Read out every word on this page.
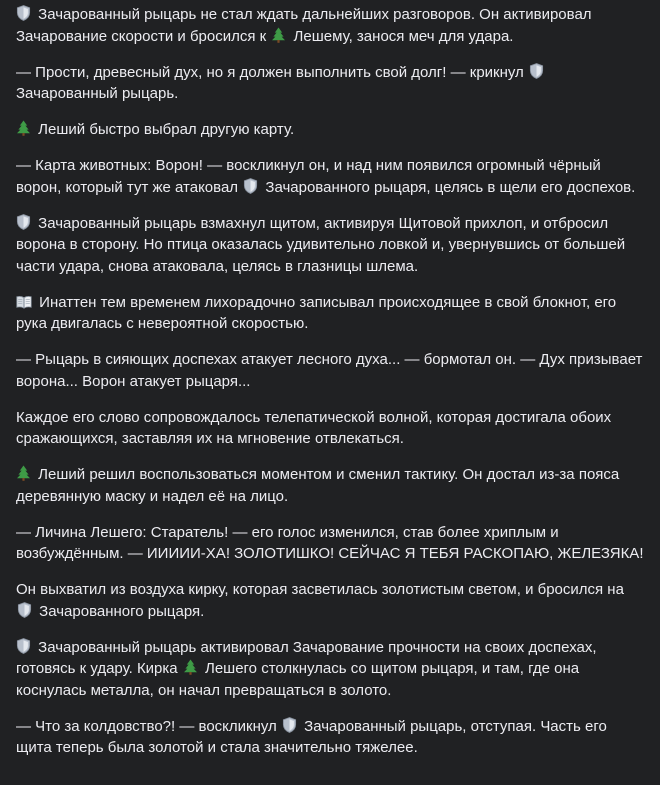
Зачарованный рыцарь не стал ждать дальнейших разговоров. Он активировал Зачарование скорости и бросился к
Лешему, занося меч для удара.

— Прости, древесный дух, но я должен выполнить свой долг! — крикнул
Зачарованный рыцарь.

Леший быстро выбрал другую карту.

— Карта животных: Ворон! — воскликнул он, и над ним появился огромный чёрный ворон, который тут же атаковал
Зачарованного рыцаря, целясь в щели его доспехов.

Зачарованный рыцарь взмахнул щитом, активируя Щитовой прихлоп, и отбросил ворона в сторону. Но птица оказалась удивительно ловкой и, увернувшись от большей части удара, снова атаковала, целясь в глазницы шлема.

Инаттен тем временем лихорадочно записывал происходящее в свой блокнот, его рука двигалась с невероятной скоростью.

— Рыцарь в сияющих доспехах атакует лесного духа... — бормотал он. — Дух призывает ворона... Ворон атакует рыцаря...

Каждое его слово сопровождалось телепатической волной, которая достигала обоих сражающихся, заставляя их на мгновение отвлекаться.

Леший решил воспользоваться моментом и сменил тактику. Он достал из-за пояса деревянную маску и надел её на лицо.

— Личина Лешего: Старатель! — его голос изменился, став более хриплым и возбуждённым. — ИИИИИ-ХА! ЗОЛОТИШКО! СЕЙЧАС Я ТЕБЯ РАСКОПАЮ, ЖЕЛЕЗЯКА!

Он выхватил из воздуха кирку, которая засветилась золотистым светом, и бросился на
Зачарованного рыцаря.

Зачарованный рыцарь активировал Зачарование прочности на своих доспехах, готовясь к удару. Кирка
Лешего столкнулась со щитом рыцаря, и там, где она коснулась металла, он начал превращаться в золото.

— Что за колдовство?! — воскликнул
Зачарованный рыцарь, отступая. Часть его щита теперь была золотой и стала значительно тяжелее.
